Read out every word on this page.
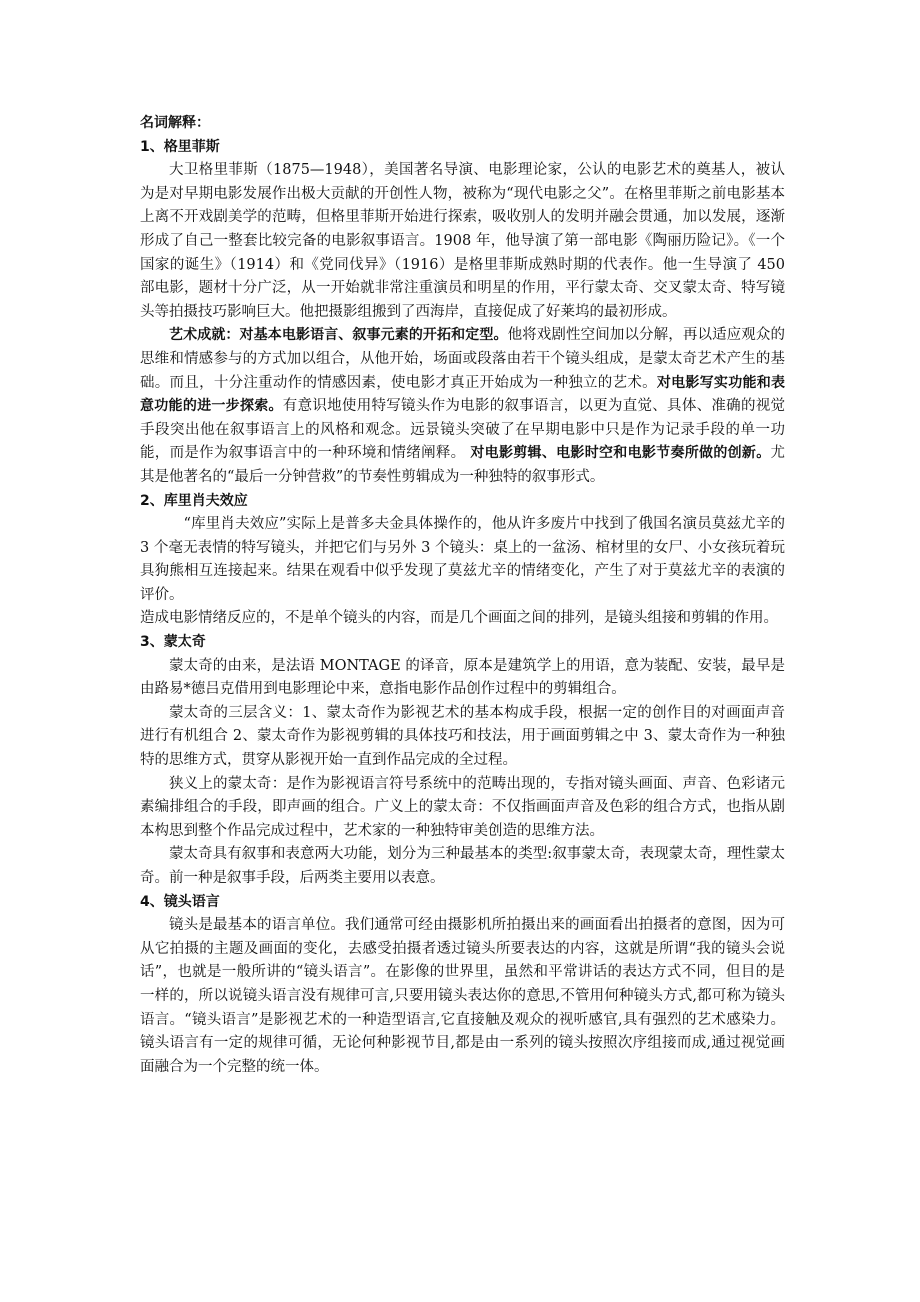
名词解释：

1、格里菲斯

大卫格里菲斯（1875—1948），美国著名导演、电影理论家，公认的电影艺术的奠基人，被认为是对早期电影发展作出极大贡献的开创性人物，被称为“现代电影之父”。在格里菲斯之前电影基本上离不开戏剧美学的范畴，但格里菲斯开始进行探索，吸收别人的发明并融会贯通，加以发展，逐渐形成了自己一整套比较完备的电影叙事语言。1908 年，他导演了第一部电影《陶丽历险记》。《一个国家的诞生》（1914）和《党同伐异》（1916）是格里菲斯成熟时期的代表作。他一生导演了 450 部电影，题材十分广泛，从一开始就非常注重演员和明星的作用，平行蒙太奇、交叉蒙太奇、特写镜头等拍摄技巧影响巨大。他把摄影组搬到了西海岸，直接促成了好莱坞的最初形成。

艺术成就：对基本电影语言、叙事元素的开拓和定型。他将戏剧性空间加以分解，再以适应观众的思维和情感参与的方式加以组合，从他开始，场面或段落由若干个镜头组成，是蒙太奇艺术产生的基础。而且，十分注重动作的情感因素，使电影才真正开始成为一种独立的艺术。对电影写实功能和表意功能的进一步探索。有意识地使用特写镜头作为电影的叙事语言，以更为直觉、具体、准确的视觉手段突出他在叙事语言上的风格和观念。远景镜头突破了在早期电影中只是作为记录手段的单一功能，而是作为叙事语言中的一种环境和情绪阐释。 对电影剪辑、电影时空和电影节奏所做的创新。尤其是他著名的“最后一分钟营救”的节奏性剪辑成为一种独特的叙事形式。

2、库里肖夫效应

“库里肖夫效应”实际上是普多夫金具体操作的，他从许多废片中找到了俄国名演员莫兹尤辛的 3 个毫无表情的特写镜头，并把它们与另外 3 个镜头：桌上的一盆汤、棺材里的女尸、小女孩玩着玩具狗熊相互连接起来。结果在观看中似乎发现了莫兹尤辛的情绪变化，产生了对于莫兹尤辛的表演的评价。

造成电影情绪反应的，不是单个镜头的内容，而是几个画面之间的排列，是镜头组接和剪辑的作用。

3、蒙太奇

蒙太奇的由来，是法语 MONTAGE 的译音，原本是建筑学上的用语，意为装配、安装，最早是由路易*德吕克借用到电影理论中来，意指电影作品创作过程中的剪辑组合。

蒙太奇的三层含义：1、蒙太奇作为影视艺术的基本构成手段，根据一定的创作目的对画面声音进行有机组合 2、蒙太奇作为影视剪辑的具体技巧和技法，用于画面剪辑之中 3、蒙太奇作为一种独特的思维方式，贯穿从影视开始一直到作品完成的全过程。

狭义上的蒙太奇：是作为影视语言符号系统中的范畴出现的，专指对镜头画面、声音、色彩诸元素编排组合的手段，即声画的组合。广义上的蒙太奇：不仅指画面声音及色彩的组合方式，也指从剧本构思到整个作品完成过程中，艺术家的一种独特审美创造的思维方法。

蒙太奇具有叙事和表意两大功能，划分为三种最基本的类型:叙事蒙太奇，表现蒙太奇，理性蒙太奇。前一种是叙事手段，后两类主要用以表意。

4、镜头语言

镜头是最基本的语言单位。我们通常可经由摄影机所拍摄出来的画面看出拍摄者的意图，因为可从它拍摄的主题及画面的变化，去感受拍摄者透过镜头所要表达的内容，这就是所谓“我的镜头会说话”，也就是一般所讲的“镜头语言”。在影像的世界里，虽然和平常讲话的表达方式不同，但目的是一样的，所以说镜头语言没有规律可言,只要用镜头表达你的意思,不管用何种镜头方式,都可称为镜头语言。“镜头语言”是影视艺术的一种造型语言,它直接触及观众的视听感官,具有强烈的艺术感染力。镜头语言有一定的规律可循，无论何种影视节目,都是由一系列的镜头按照次序组接而成,通过视觉画面融合为一个完整的统一体。
